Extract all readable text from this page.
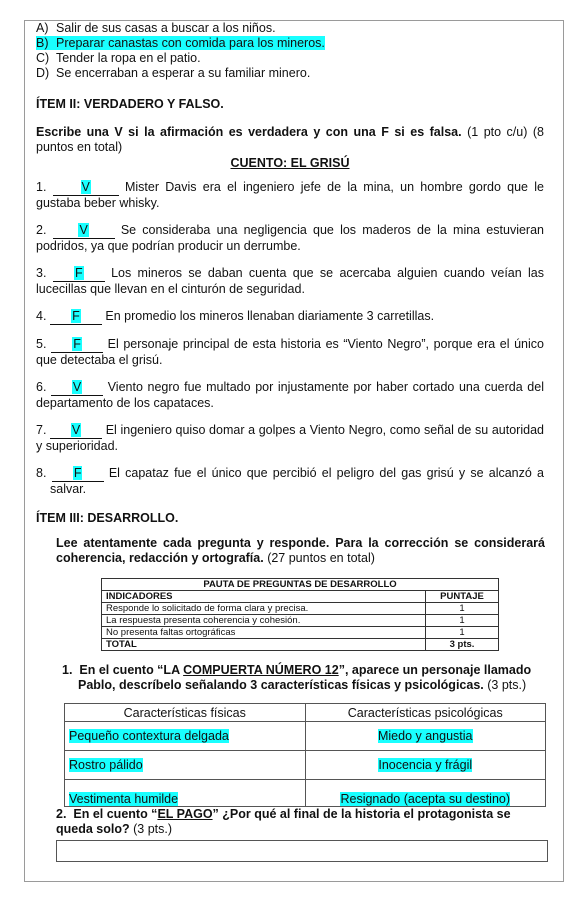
A) Salir de sus casas a buscar a los niños.
B) Preparar canastas con comida para los mineros.
C) Tender la ropa en el patio.
D) Se encerraban a esperar a su familiar minero.
ÍTEM II: VERDADERO Y FALSO.
Escribe una V si la afirmación es verdadera y con una F si es falsa. (1 pto c/u) (8 puntos en total)
CUENTO: EL GRISÚ
1.	V	Mister Davis era el ingeniero jefe de la mina, un hombre gordo que le gustaba beber whisky.
2.	V	Se consideraba una negligencia que los maderos de la mina estuvieran podridos, ya que podrían producir un derrumbe.
3. F Los mineros se daban cuenta que se acercaba alguien cuando veían las lucecillas que llevan en el cinturón de seguridad.
4. F En promedio los mineros llenaban diariamente 3 carretillas.
5. F El personaje principal de esta historia es “Viento Negro”, porque era el único que detectaba el grisú.
6. V Viento negro fue multado por injustamente por haber cortado una cuerda del departamento de los capataces.
7. V El ingeniero quiso domar a golpes a Viento Negro, como señal de su autoridad y superioridad.
8. F El capataz fue el único que percibió el peligro del gas grisú y se alcanzó a salvar.
ÍTEM III: DESARROLLO.
Lee atentamente cada pregunta y responde. Para la corrección se considerará coherencia, redacción y ortografía. (27 puntos en total)
PAUTA DE PREGUNTAS DE DESARROLLO	
INDICADORES	PUNTAJE
Responde lo solicitado de forma clara y precisa.	1
La respuesta presenta coherencia y cohesión.	1
No presenta faltas ortográficas	1
TOTAL	3 pts.
1. En el cuento “LA COMPUERTA NÚMERO 12”, aparece un personaje llamado Pablo, descríbelo señalando 3 características físicas y psicológicas. (3 pts.)
Características físicas	Características psicológicas
Pequeño contextura delgada	Miedo y angustia
Rostro pálido	Inocencia y frágil
Vestimenta humilde	Resignado (acepta su destino)
2. En el cuento “EL PAGO” ¿Por qué al final de la historia el protagonista se queda solo? (3 pts.)
